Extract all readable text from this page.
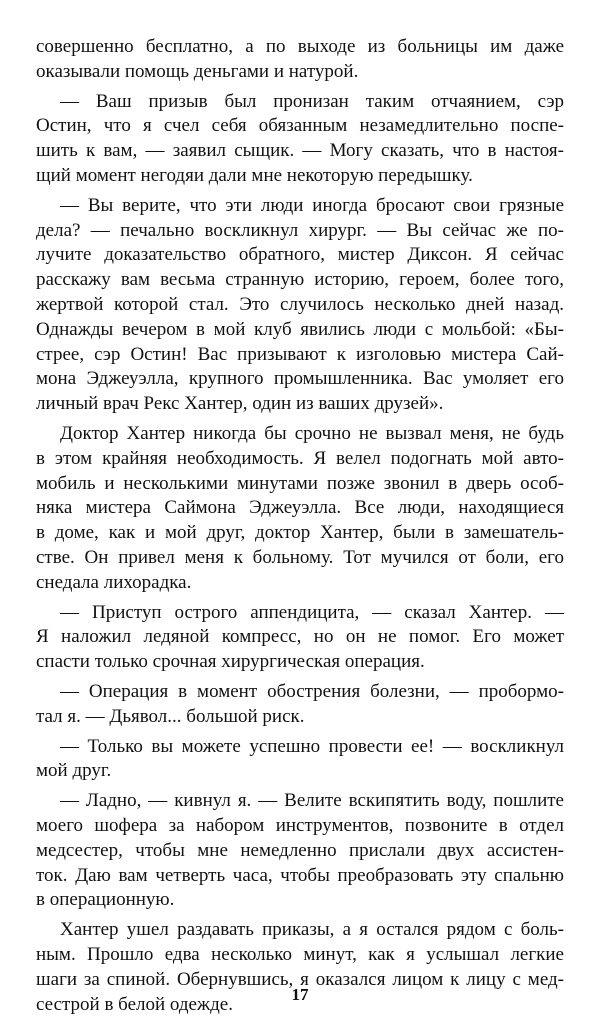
совершенно бесплатно, а по выходе из больницы им даже
оказывали помощь деньгами и натурой.
— Ваш призыв был пронизан таким отчаянием, сэр
Остин, что я счел себя обязанным незамедлительно поспе-
шить к вам, — заявил сыщик. — Могу сказать, что в настоя-
щий момент негодяи дали мне некоторую передышку.
— Вы верите, что эти люди иногда бросают свои грязные
дела? — печально воскликнул хирург. — Вы сейчас же по-
лучите доказательство обратного, мистер Диксон. Я сейчас
расскажу вам весьма странную историю, героем, более того,
жертвой которой стал. Это случилось несколько дней назад.
Однажды вечером в мой клуб явились люди с мольбой: «Бы-
стрее, сэр Остин! Вас призывают к изголовью мистера Сай-
мона Эджеуэлла, крупного промышленника. Вас умоляет его
личный врач Рекс Хантер, один из ваших друзей».
Доктор Хантер никогда бы срочно не вызвал меня, не будь
в этом крайняя необходимость. Я велел подогнать мой авто-
мобиль и несколькими минутами позже звонил в дверь особ-
няка мистера Саймона Эджеуэлла. Все люди, находящиеся
в доме, как и мой друг, доктор Хантер, были в замешатель-
стве. Он привел меня к больному. Тот мучился от боли, его
снедала лихорадка.
— Приступ острого аппендицита, — сказал Хантер. —
Я наложил ледяной компресс, но он не помог. Его может
спасти только срочная хирургическая операция.
— Операция в момент обострения болезни, — пробормо-
тал я. — Дьявол... большой риск.
— Только вы можете успешно провести ее! — воскликнул
мой друг.
— Ладно, — кивнул я. — Велите вскипятить воду, пошлите
моего шофера за набором инструментов, позвоните в отдел
медсестер, чтобы мне немедленно прислали двух ассистен-
ток. Даю вам четверть часа, чтобы преобразовать эту спальню
в операционную.
Хантер ушел раздавать приказы, а я остался рядом с боль-
ным. Прошло едва несколько минут, как я услышал легкие
шаги за спиной. Обернувшись, я оказался лицом к лицу с мед-
сестрой в белой одежде.	17
